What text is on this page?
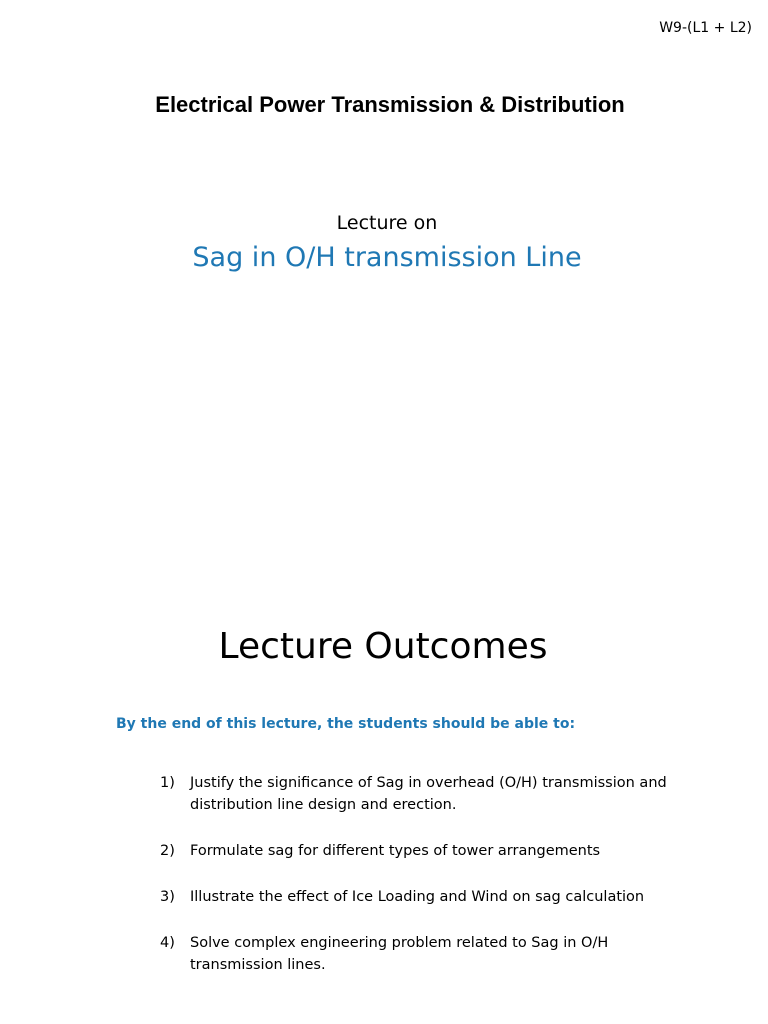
W9-(L1 + L2)
Electrical Power Transmission & Distribution
Lecture on
Sag in O/H transmission Line
Lecture Outcomes
By the end of this lecture, the students should be able to:
1)	Justify the significance of Sag in overhead (O/H) transmission and distribution line design and erection.
2)	Formulate sag for different types of tower arrangements
3)	Illustrate the effect of Ice Loading and Wind on sag calculation
4)	Solve complex engineering problem related to Sag in O/H transmission lines.
